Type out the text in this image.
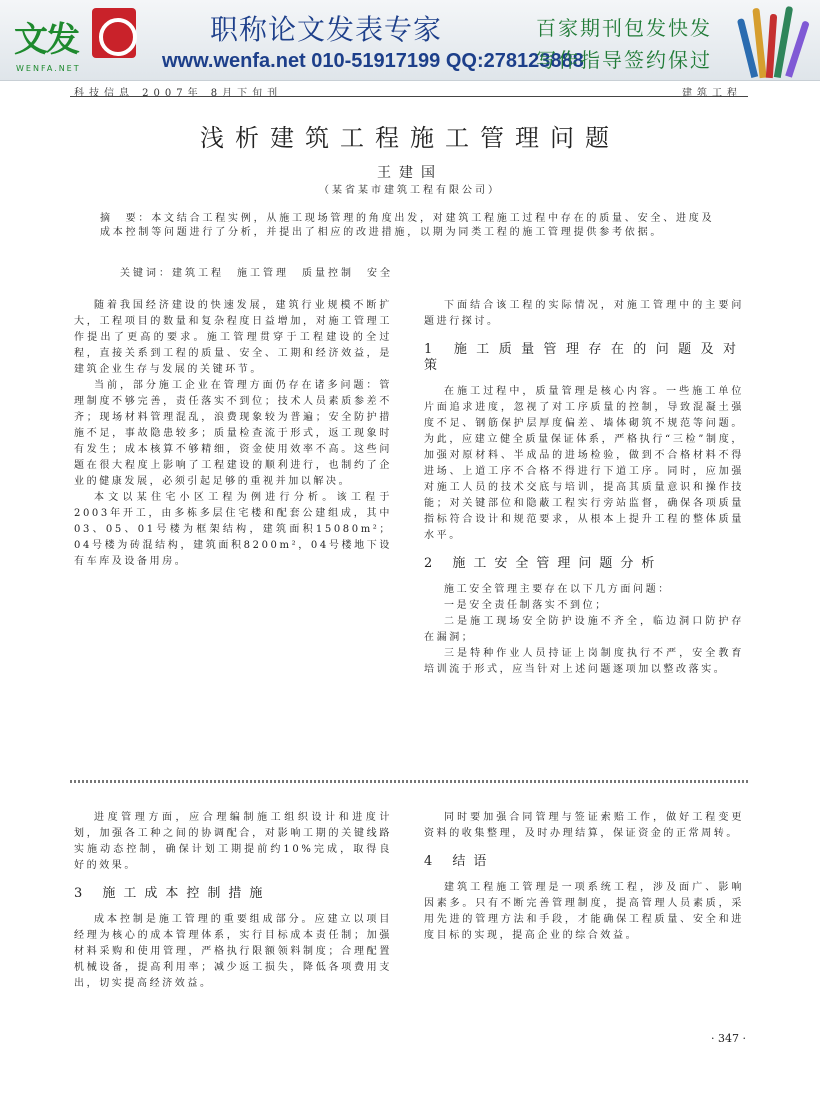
文发
WENFA.NET
职称论文发表专家
www.wenfa.net 010-51917199 QQ:278123888
百家期刊包发快发
写作指导签约保过
科技信息 2007年 8月下旬刊	建筑工程
浅析建筑工程施工管理问题
王建国
（某省某市建筑工程有限公司）
摘　要：本文结合工程实例，从施工现场管理的角度出发，对建筑工程施工过程中存在的质量、安全、进度及成本控制等问题进行了分析，并提出了相应的改进措施，以期为同类工程的施工管理提供参考依据。
关键词：建筑工程　施工管理　质量控制　安全

随着我国经济建设的快速发展，建筑行业规模不断扩大，工程项目的数量和复杂程度日益增加，对施工管理工作提出了更高的要求。施工管理贯穿于工程建设的全过程，直接关系到工程的质量、安全、工期和经济效益，是建筑企业生存与发展的关键环节。

当前，部分施工企业在管理方面仍存在诸多问题：管理制度不够完善，责任落实不到位；技术人员素质参差不齐；现场材料管理混乱，浪费现象较为普遍；安全防护措施不足，事故隐患较多；质量检查流于形式，返工现象时有发生；成本核算不够精细，资金使用效率不高。这些问题在很大程度上影响了工程建设的顺利进行，也制约了企业的健康发展，必须引起足够的重视并加以解决。

本文以某住宅小区工程为例进行分析。该工程于2003年开工，由多栋多层住宅楼和配套公建组成，其中03、05、01号楼为框架结构，建筑面积15080m²；04号楼为砖混结构，建筑面积8200m²，04号楼地下设有车库及设备用房。

下面结合该工程的实际情况，对施工管理中的主要问题进行探讨。

1 施工质量管理存在的问题及对策

在施工过程中，质量管理是核心内容。一些施工单位片面追求进度，忽视了对工序质量的控制，导致混凝土强度不足、钢筋保护层厚度偏差、墙体砌筑不规范等问题。为此，应建立健全质量保证体系，严格执行“三检”制度，加强对原材料、半成品的进场检验，做到不合格材料不得进场、上道工序不合格不得进行下道工序。同时，应加强对施工人员的技术交底与培训，提高其质量意识和操作技能；对关键部位和隐蔽工程实行旁站监督，确保各项质量指标符合设计和规范要求，从根本上提升工程的整体质量水平。

2 施工安全管理问题分析

施工安全管理主要存在以下几方面问题：

一是安全责任制落实不到位；

二是施工现场安全防护设施不齐全，临边洞口防护存在漏洞；

三是特种作业人员持证上岗制度执行不严，安全教育培训流于形式，应当针对上述问题逐项加以整改落实。

进度管理方面，应合理编制施工组织设计和进度计划，加强各工种之间的协调配合，对影响工期的关键线路实施动态控制，确保计划工期提前约10%完成，取得良好的效果。

3 施工成本控制措施

成本控制是施工管理的重要组成部分。应建立以项目经理为核心的成本管理体系，实行目标成本责任制；加强材料采购和使用管理，严格执行限额领料制度；合理配置机械设备，提高利用率；减少返工损失，降低各项费用支出，切实提高经济效益。

同时要加强合同管理与签证索赔工作，做好工程变更资料的收集整理，及时办理结算，保证资金的正常周转。

4 结语

建筑工程施工管理是一项系统工程，涉及面广、影响因素多。只有不断完善管理制度，提高管理人员素质，采用先进的管理方法和手段，才能确保工程质量、安全和进度目标的实现，提高企业的综合效益。

· 347 ·
